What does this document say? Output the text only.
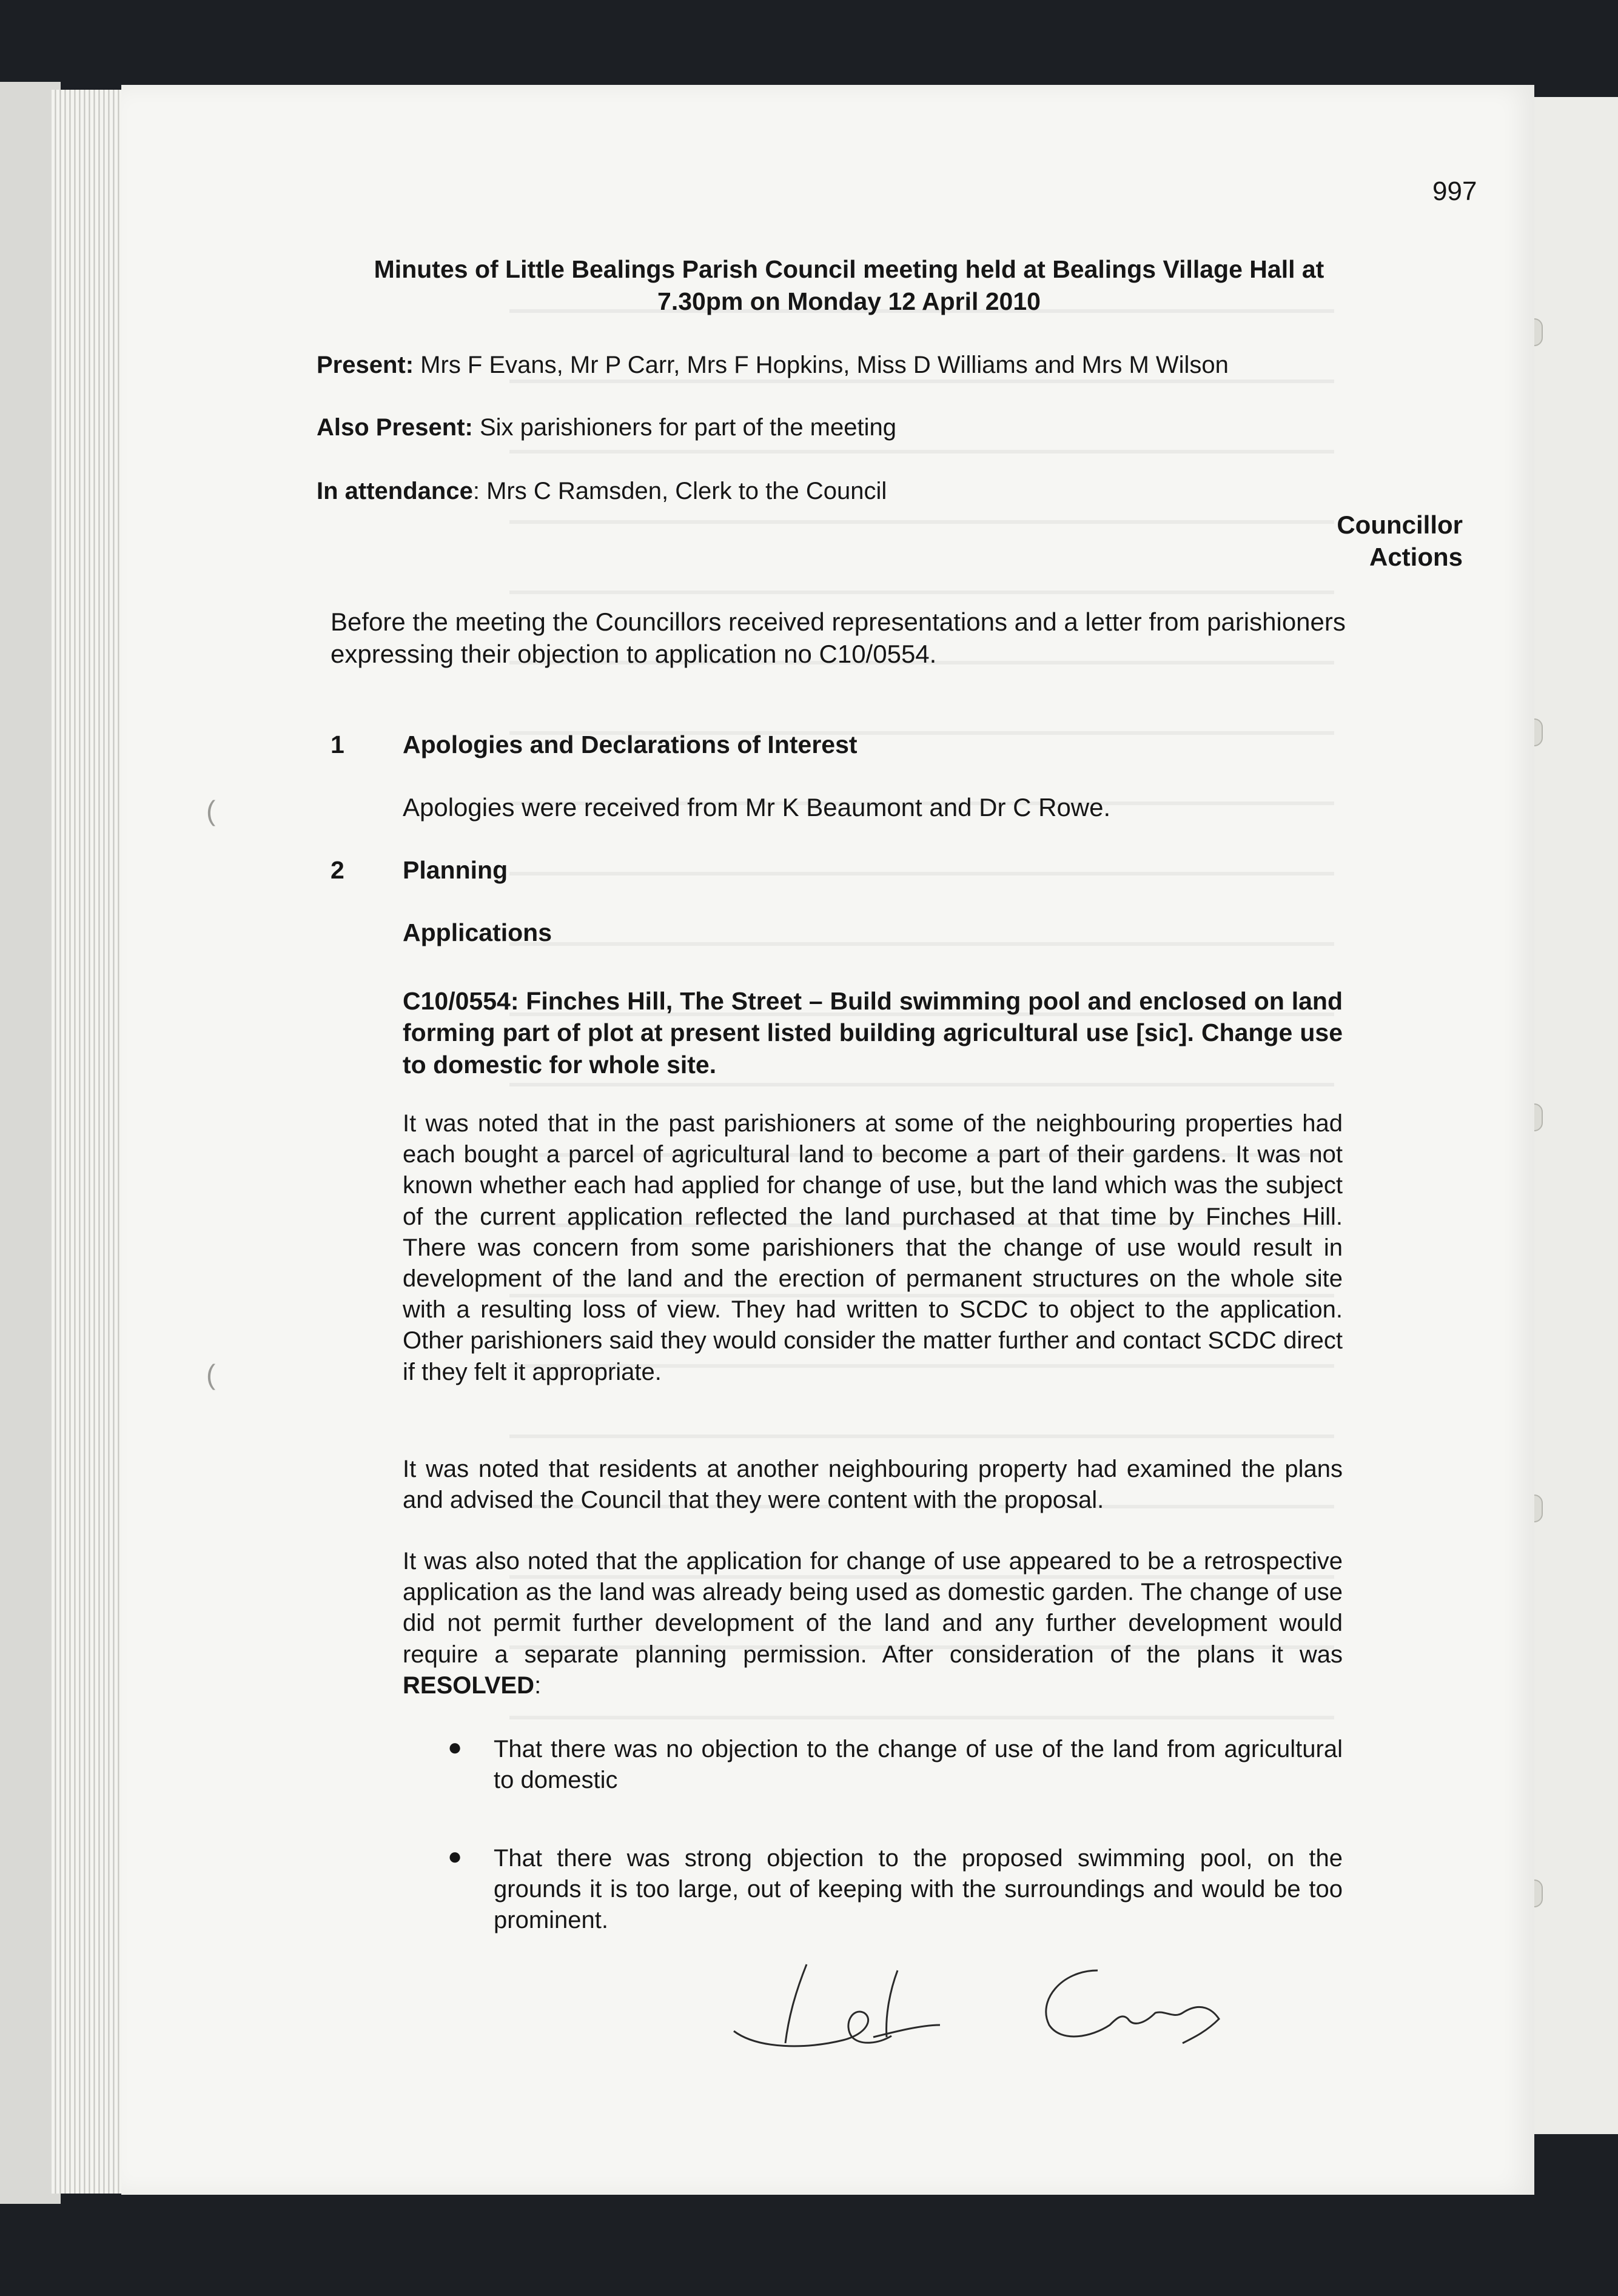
(
(
997
Minutes of Little Bealings Parish Council meeting held at Bealings Village Hall at
7.30pm on Monday 12 April 2010
Present: Mrs F Evans, Mr P Carr, Mrs F Hopkins, Miss D Williams and Mrs M Wilson
Also Present: Six parishioners for part of the meeting
In attendance: Mrs C Ramsden, Clerk to the Council
Councillor
Actions
Before the meeting the Councillors received representations and a letter from parishioners expressing their objection to application no C10/0554.
1 Apologies and Declarations of Interest
Apologies were received from Mr K Beaumont and Dr C Rowe.
2 Planning
Applications
C10/0554: Finches Hill, The Street – Build swimming pool and enclosed on land forming part of plot at present listed building agricultural use [sic]. Change use to domestic for whole site.
It was noted that in the past parishioners at some of the neighbouring properties had each bought a parcel of agricultural land to become a part of their gardens. It was not known whether each had applied for change of use, but the land which was the subject of the current application reflected the land purchased at that time by Finches Hill. There was concern from some parishioners that the change of use would result in development of the land and the erection of permanent structures on the whole site with a resulting loss of view. They had written to SCDC to object to the application. Other parishioners said they would consider the matter further and contact SCDC direct if they felt it appropriate.
It was noted that residents at another neighbouring property had examined the plans and advised the Council that they were content with the proposal.
It was also noted that the application for change of use appeared to be a retrospective application as the land was already being used as domestic garden. The change of use did not permit further development of the land and any further development would require a separate planning permission. After consideration of the plans it was RESOLVED:
● That there was no objection to the change of use of the land from agricultural to domestic
● That there was strong objection to the proposed swimming pool, on the grounds it is too large, out of keeping with the surroundings and would be too prominent.
